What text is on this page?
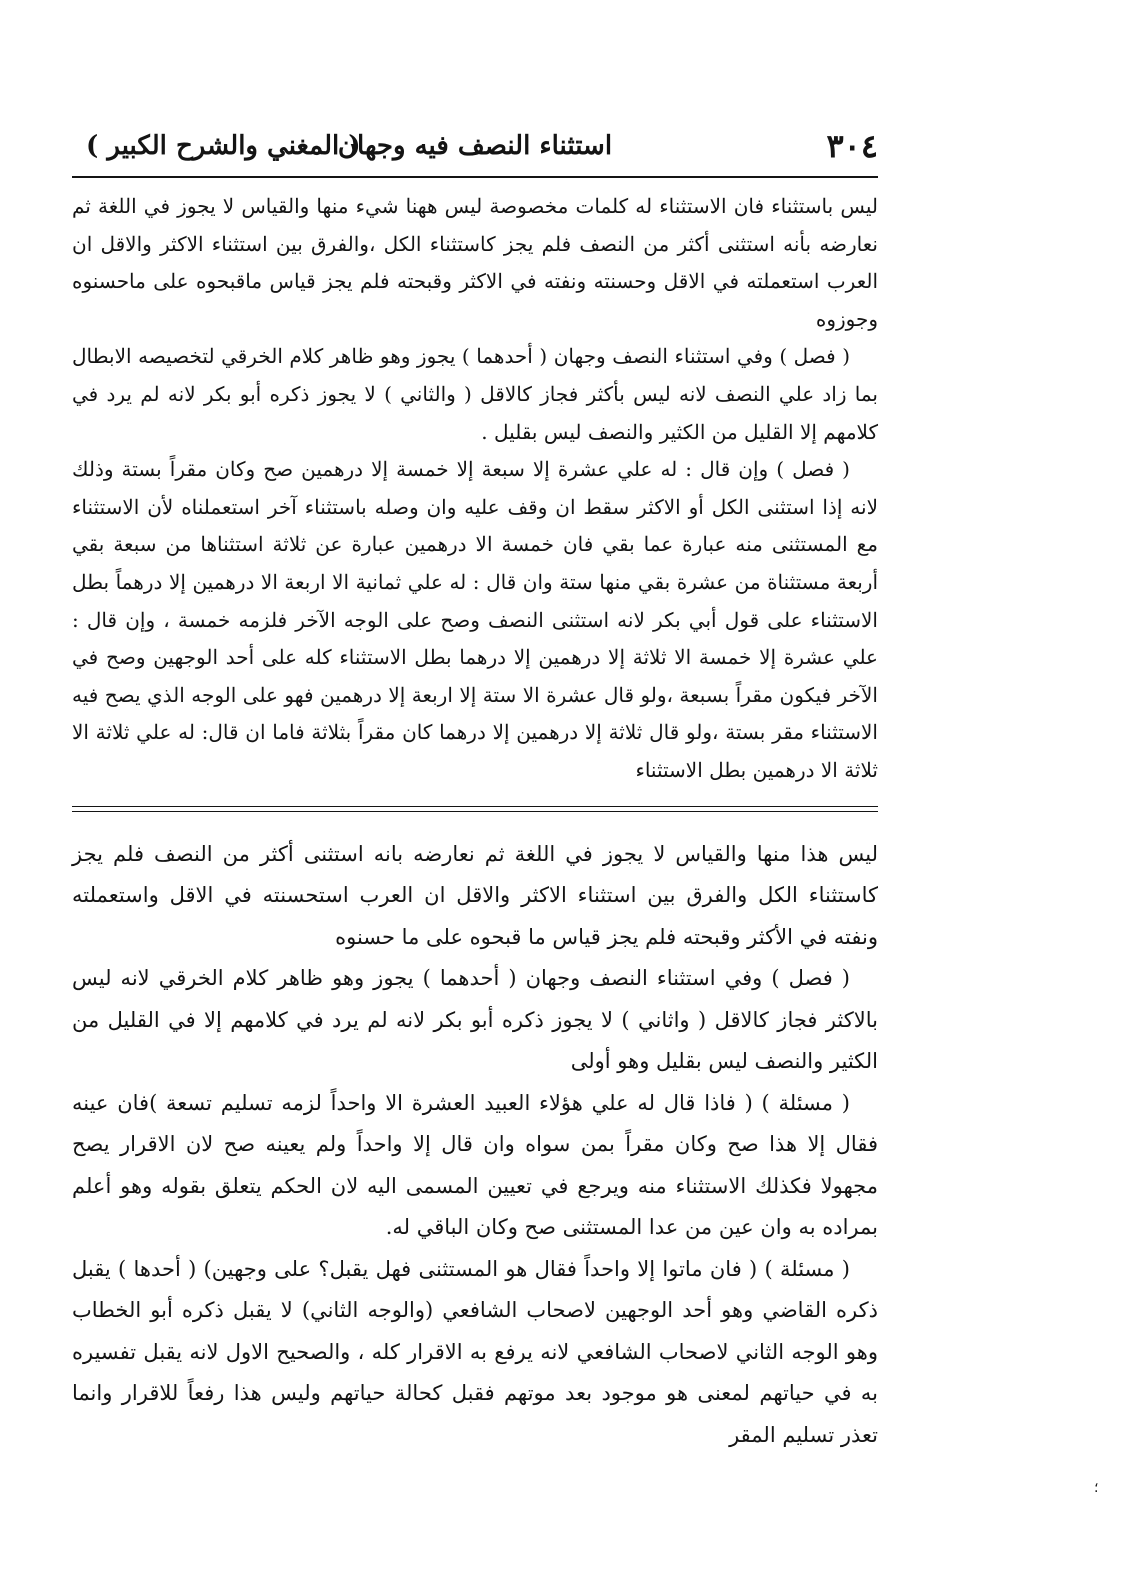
٣٠٤
استثناء النصف فيه وجهان
( المغني والشرح الكبير )

ليس باستثناء فان الاستثناء له كلمات مخصوصة ليس ههنا شيء منها والقياس لا يجوز في اللغة ثم نعارضه بأنه استثنى أكثر من النصف فلم يجز كاستثناء الكل ،والفرق بين استثناء الاكثر والاقل ان العرب استعملته في الاقل وحسنته ونفته في الاكثر وقبحته فلم يجز قياس ماقبحوه على ماحسنوه وجوزوه

( فصل ) وفي استثناء النصف وجهان ( أحدهما ) يجوز وهو ظاهر كلام الخرقي لتخصيصه الابطال بما زاد علي النصف لانه ليس بأكثر فجاز كالاقل ( والثاني ) لا يجوز ذكره أبو بكر لانه لم يرد في كلامهم إلا القليل من الكثير والنصف ليس بقليل .

( فصل ) وإن قال : له علي عشرة إلا سبعة إلا خمسة إلا درهمين صح وكان مقراً بستة وذلك لانه إذا استثنى الكل أو الاكثر سقط ان وقف عليه وان وصله باستثناء آخر استعملناه لأن الاستثناء مع المستثنى منه عبارة عما بقي فان خمسة الا درهمين عبارة عن ثلاثة استثناها من سبعة بقي أربعة مستثناة من عشرة بقي منها ستة وان قال : له علي ثمانية الا اربعة الا درهمين إلا درهماً بطل الاستثناء على قول أبي بكر لانه استثنى النصف وصح على الوجه الآخر فلزمه خمسة ، وإن قال : علي عشرة إلا خمسة الا ثلاثة إلا درهمين إلا درهما بطل الاستثناء كله على أحد الوجهين وصح في الآخر فيكون مقراً بسبعة ،ولو قال عشرة الا ستة إلا اربعة إلا درهمين فهو على الوجه الذي يصح فيه الاستثناء مقر بستة ،ولو قال ثلاثة إلا درهمين إلا درهما كان مقراً بثلاثة فاما ان قال: له علي ثلاثة الا ثلاثة الا درهمين بطل الاستثناء

ليس هذا منها والقياس لا يجوز في اللغة ثم نعارضه بانه استثنى أكثر من النصف فلم يجز كاستثناء الكل والفرق بين استثناء الاكثر والاقل ان العرب استحسنته في الاقل واستعملته ونفته في الأكثر وقبحته فلم يجز قياس ما قبحوه على ما حسنوه

( فصل ) وفي استثناء النصف وجهان ( أحدهما ) يجوز وهو ظاهر كلام الخرقي لانه ليس بالاكثر فجاز كالاقل ( واثاني ) لا يجوز ذكره أبو بكر لانه لم يرد في كلامهم إلا في القليل من الكثير والنصف ليس بقليل وهو أولى

( مسئلة ) ( فاذا قال له علي هؤلاء العبيد العشرة الا واحداً لزمه تسليم تسعة )فان عينه فقال إلا هذا صح وكان مقراً بمن سواه وان قال إلا واحداً ولم يعينه صح لان الاقرار يصح مجهولا فكذلك الاستثناء منه ويرجع في تعيين المسمى اليه لان الحكم يتعلق بقوله وهو أعلم بمراده به وان عين من عدا المستثنى صح وكان الباقي له.

( مسئلة ) ( فان ماتوا إلا واحداً فقال هو المستثنى فهل يقبل؟ على وجهين) ( أحدها ) يقبل ذكره القاضي وهو أحد الوجهين لاصحاب الشافعي (والوجه الثاني) لا يقبل ذكره أبو الخطاب وهو الوجه الثاني لاصحاب الشافعي لانه يرفع به الاقرار كله ، والصحيح الاول لانه يقبل تفسيره به في حياتهم لمعنى هو موجود بعد موتهم فقبل كحالة حياتهم وليس هذا رفعاً للاقرار وانما تعذر تسليم المقر

؛
